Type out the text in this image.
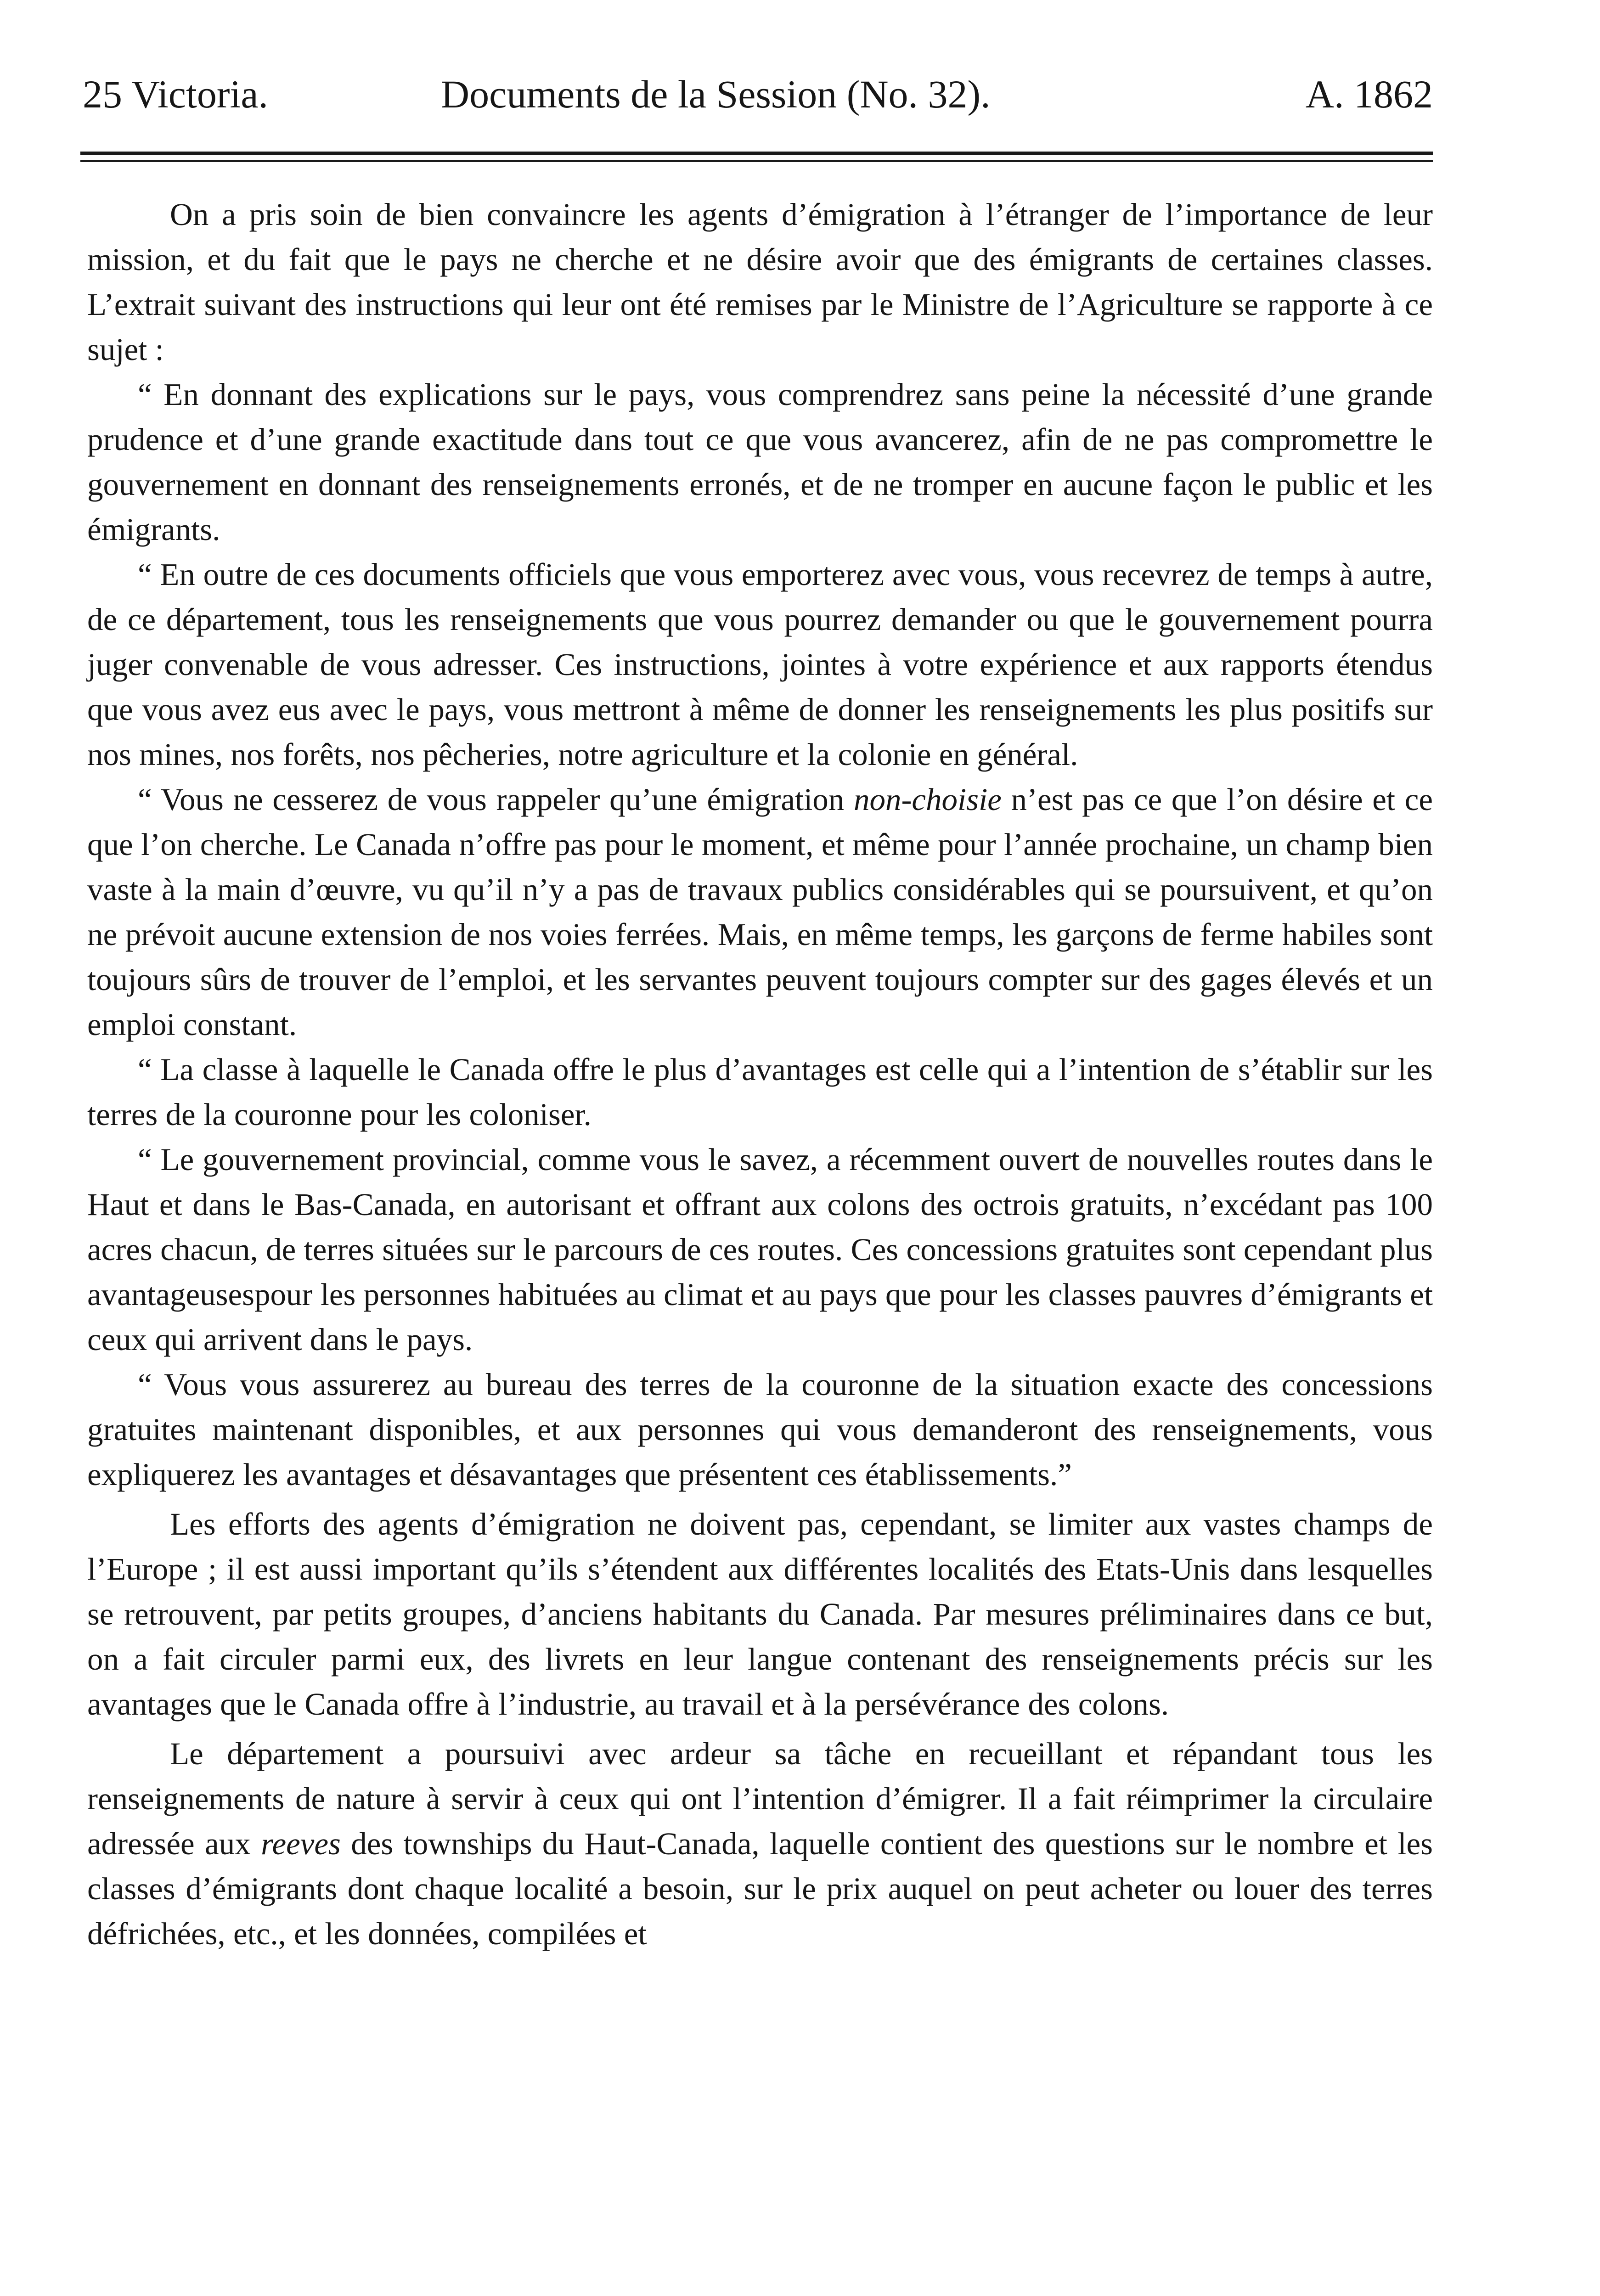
25 Victoria.	Documents de la Session (No. 32).	A. 1862

On a pris soin de bien convaincre les agents d’émigration à l’étranger de l’importance de leur mission, et du fait que le pays ne cherche et ne désire avoir que des émigrants de certaines classes. L’extrait suivant des instructions qui leur ont été remises par le Ministre de l’Agriculture se rapporte à ce sujet :

“ En donnant des explications sur le pays, vous comprendrez sans peine la nécessité d’une grande prudence et d’une grande exactitude dans tout ce que vous avancerez, afin de ne pas compromettre le gouvernement en donnant des renseignements erronés, et de ne tromper en aucune façon le public et les émigrants.

“ En outre de ces documents officiels que vous emporterez avec vous, vous recevrez de temps à autre, de ce département, tous les renseignements que vous pourrez demander ou que le gouvernement pourra juger convenable de vous adresser. Ces instructions, jointes à votre expérience et aux rapports étendus que vous avez eus avec le pays, vous mettront à même de donner les renseignements les plus positifs sur nos mines, nos forêts, nos pêcheries, notre agriculture et la colonie en général.

“ Vous ne cesserez de vous rappeler qu’une émigration non-choisie n’est pas ce que l’on désire et ce que l’on cherche. Le Canada n’offre pas pour le moment, et même pour l’année prochaine, un champ bien vaste à la main d’œuvre, vu qu’il n’y a pas de travaux publics considérables qui se poursuivent, et qu’on ne prévoit aucune extension de nos voies ferrées. Mais, en même temps, les garçons de ferme habiles sont toujours sûrs de trouver de l’emploi, et les servantes peuvent toujours compter sur des gages élevés et un emploi constant.

“ La classe à laquelle le Canada offre le plus d’avantages est celle qui a l’intention de s’établir sur les terres de la couronne pour les coloniser.

“ Le gouvernement provincial, comme vous le savez, a récemment ouvert de nouvelles routes dans le Haut et dans le Bas-Canada, en autorisant et offrant aux colons des octrois gratuits, n’excédant pas 100 acres chacun, de terres situées sur le parcours de ces routes. Ces concessions gratuites sont cependant plus avantageusespour les personnes habituées au climat et au pays que pour les classes pauvres d’émigrants et ceux qui arrivent dans le pays.

“ Vous vous assurerez au bureau des terres de la couronne de la situation exacte des concessions gratuites maintenant disponibles, et aux personnes qui vous demanderont des renseignements, vous expliquerez les avantages et désavantages que présentent ces établissements.”

Les efforts des agents d’émigration ne doivent pas, cependant, se limiter aux vastes champs de l’Europe ; il est aussi important qu’ils s’étendent aux différentes localités des Etats-Unis dans lesquelles se retrouvent, par petits groupes, d’anciens habitants du Canada. Par mesures préliminaires dans ce but, on a fait circuler parmi eux, des livrets en leur langue contenant des renseignements précis sur les avantages que le Canada offre à l’industrie, au travail et à la persévérance des colons.

Le département a poursuivi avec ardeur sa tâche en recueillant et répandant tous les renseignements de nature à servir à ceux qui ont l’intention d’émigrer. Il a fait réimprimer la circulaire adressée aux reeves des townships du Haut-Canada, laquelle contient des questions sur le nombre et les classes d’émigrants dont chaque localité a besoin, sur le prix auquel on peut acheter ou louer des terres défrichées, etc., et les données, compilées et
